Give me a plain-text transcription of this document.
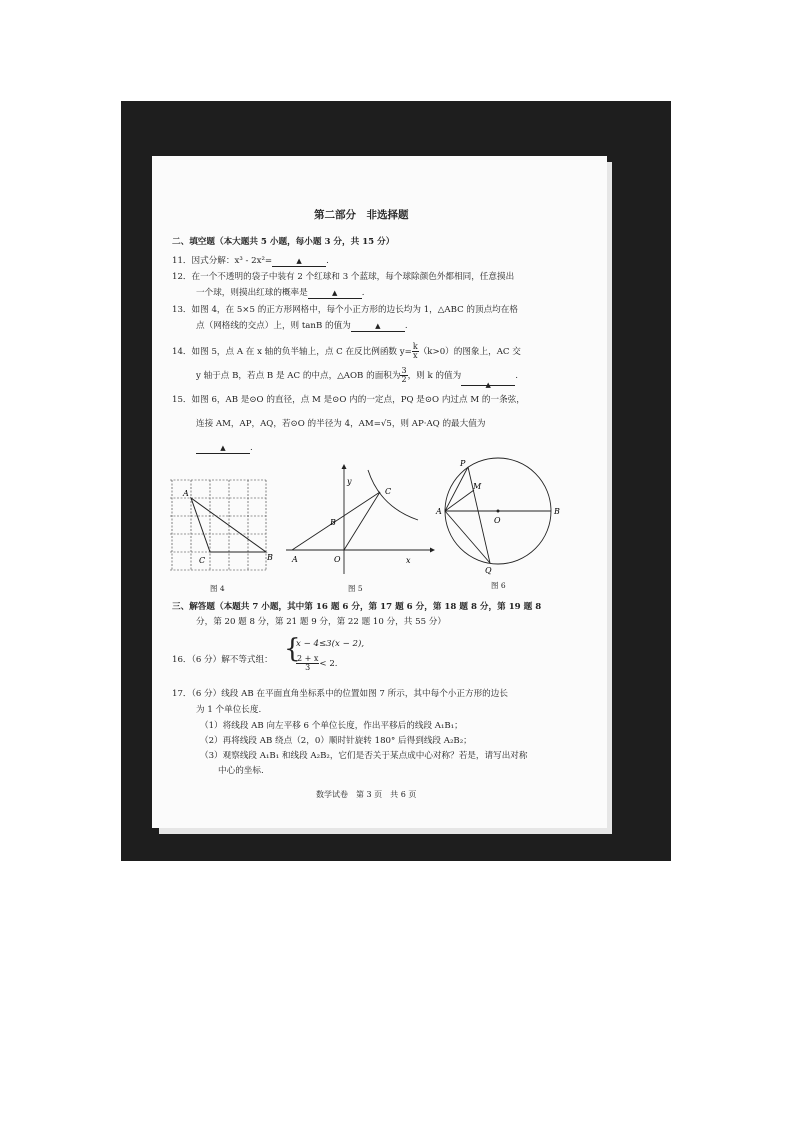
第二部分　非选择题
二、填空题（本大题共 5 小题，每小题 3 分，共 15 分）
11．因式分解：x³ - 2x²=	▲	.
12．在一个不透明的袋子中装有 2 个红球和 3 个蓝球，每个球除颜色外都相同，任意摸出
一个球，则摸出红球的概率是	▲	.
13．如图 4，在 5×5 的正方形网格中，每个小正方形的边长均为 1，△ABC 的顶点均在格
点（网格线的交点）上，则 tanB 的值为	▲	.
14．如图 5，点 A 在 x 轴的负半轴上，点 C 在反比例函数 $y= \frac{k}{x} (k>0)$的图象上，AC 交
y 轴于点 B，若点 B 是 AC 的中点，△AOB 的面积为 $\frac{3}{2}$ ，则 k 的值为▲.
15．如图 6，AB 是⊙O 的直径，点 M 是⊙O 内的一定点，PQ 是⊙O 内过点 M 的一条弦，
连接 AM，AP，AQ，若⊙O 的半径为 4，AM=√5，则 AP·AQ 的最大值为
▲	.
A
C	B
图 4
y
x
A
B
C
O
图 5
P
M
A
O
B
Q
图 6
三、解答题（本题共 7 小题，其中第 16 题 6 分，第 17 题 6 分，第 18 题 8 分，第 19 题 8
分，第 20 题 8 分，第 21 题 9 分，第 22 题 10 分，共 55 分）
16．（6 分）解不等式组： {
x − 4≤3(x − 2),
$\frac{2 + x}{3} < 2$.
17．（6 分）线段 AB 在平面直角坐标系中的位置如图 7 所示，其中每个小正方形的边长
为 1 个单位长度.
（1）将线段 AB 向左平移 6 个单位长度，作出平移后的线段 A₁B₁；
（2）再将线段 AB 绕点（2，0）顺时针旋转 180° 后得到线段 A₂B₂；
（3）观察线段 A₁B₁ 和线段 A₂B₂，它们是否关于某点成中心对称？若是，请写出对称
中心的坐标.
数学试卷　第 3 页　共 6 页
